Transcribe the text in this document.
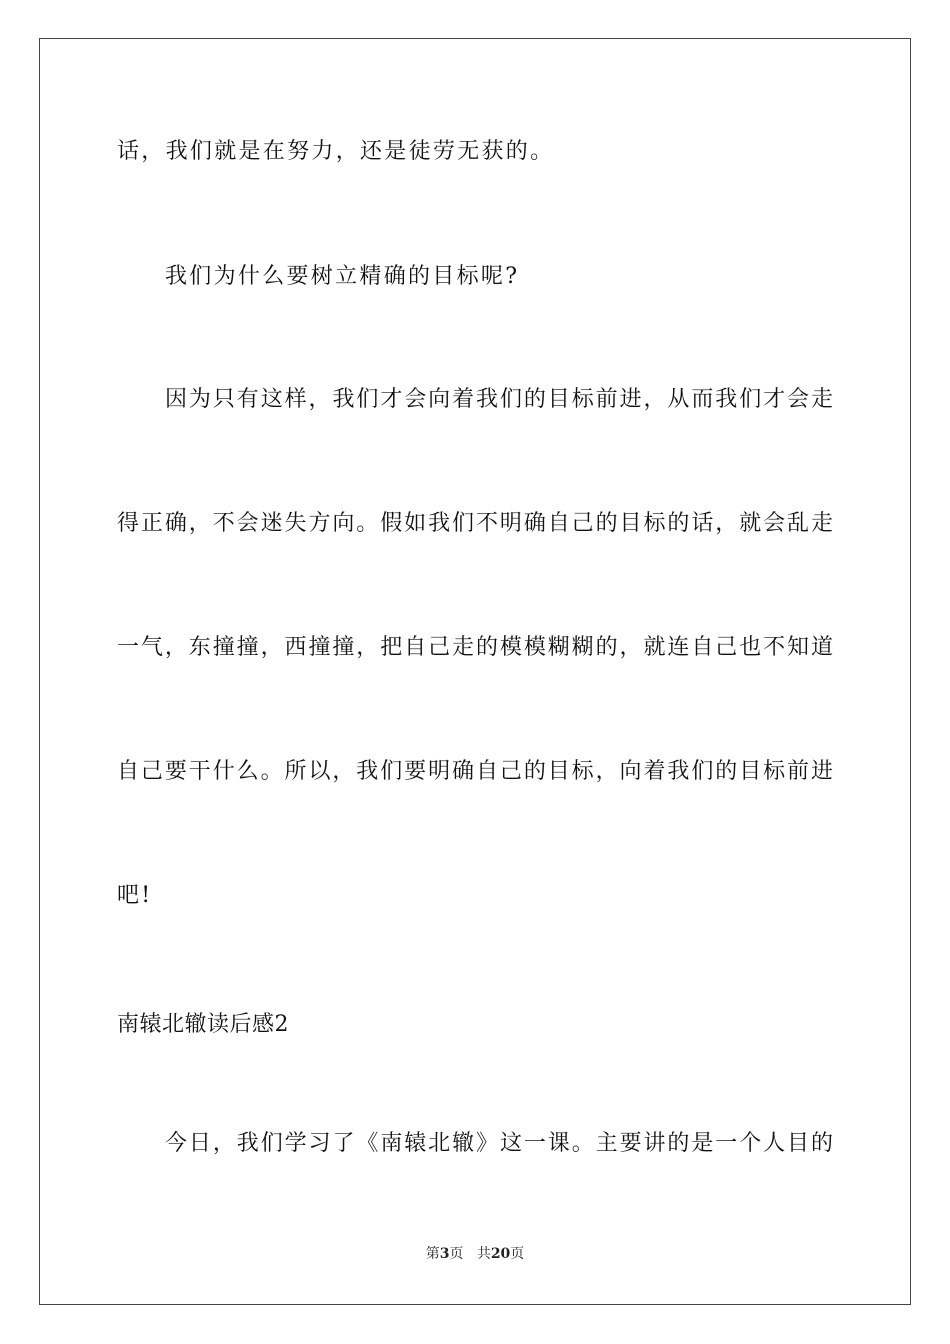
话，我们就是在努力，还是徒劳无获的。
我们为什么要树立精确的目标呢?
因为只有这样，我们才会向着我们的目标前进，从而我们才会走
得正确，不会迷失方向。假如我们不明确自己的目标的话，就会乱走
一气，东撞撞，西撞撞，把自己走的模模糊糊的，就连自己也不知道
自己要干什么。所以，我们要明确自己的目标，向着我们的目标前进
吧!
南辕北辙读后感2
今日，我们学习了《南辕北辙》这一课。主要讲的是一个人目的
第3页 共20页
